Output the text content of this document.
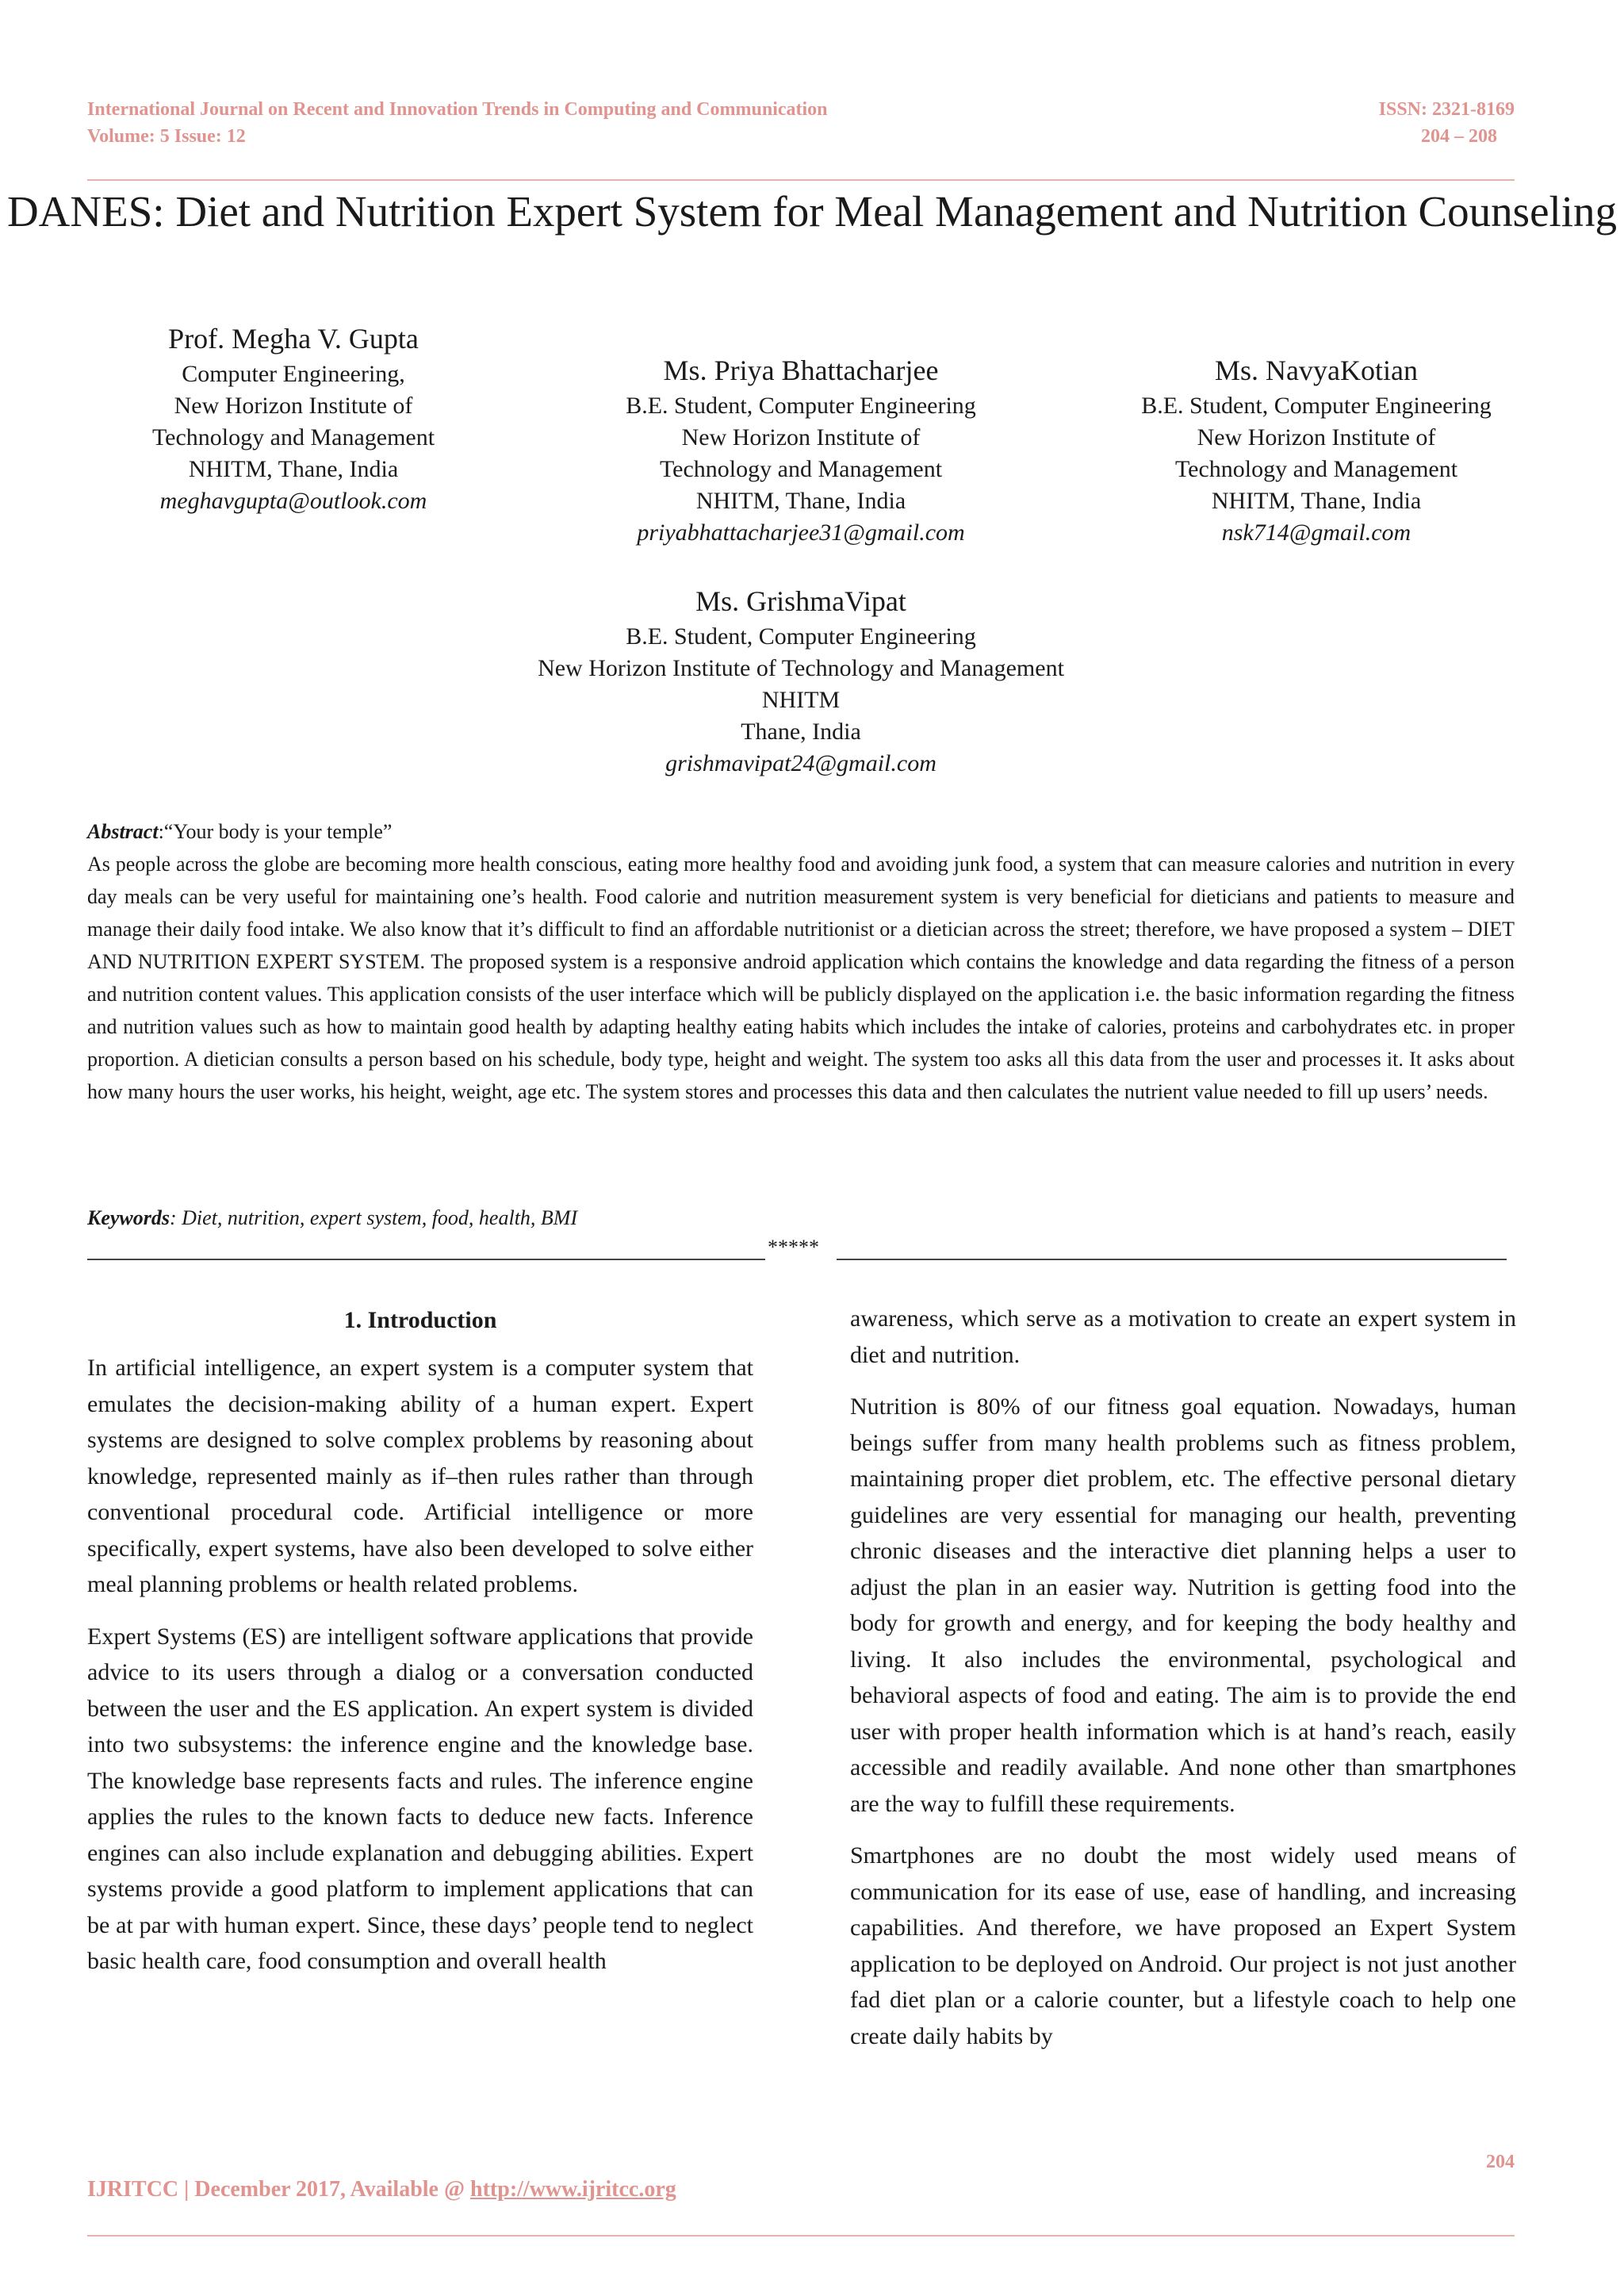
International Journal on Recent and Innovation Trends in Computing and Communication
Volume: 5 Issue: 12
ISSN: 2321-8169
204 – 208
DANES: Diet and Nutrition Expert System for Meal Management and Nutrition Counseling
Prof. Megha V. Gupta
Computer Engineering,
New Horizon Institute of
Technology and Management
NHITM, Thane, India
meghavgupta@outlook.com
Ms. Priya Bhattacharjee
B.E. Student, Computer Engineering
New Horizon Institute of
Technology and Management
NHITM, Thane, India
priyabhattacharjee31@gmail.com
Ms. NavyaKotian
B.E. Student, Computer Engineering
New Horizon Institute of
Technology and Management
NHITM, Thane, India
nsk714@gmail.com
Ms. GrishmaVipat
B.E. Student, Computer Engineering
New Horizon Institute of Technology and Management
NHITM
Thane, India
grishmavipat24@gmail.com

Abstract:“Your body is your temple”

As people across the globe are becoming more health conscious, eating more healthy food and avoiding junk food, a system that can measure calories and nutrition in every day meals can be very useful for maintaining one’s health. Food calorie and nutrition measurement system is very beneficial for dieticians and patients to measure and manage their daily food intake. We also know that it’s difficult to find an affordable nutritionist or a dietician across the street; therefore, we have proposed a system – DIET AND NUTRITION EXPERT SYSTEM. The proposed system is a responsive android application which contains the knowledge and data regarding the fitness of a person and nutrition content values. This application consists of the user interface which will be publicly displayed on the application i.e. the basic information regarding the fitness and nutrition values such as how to maintain good health by adapting healthy eating habits which includes the intake of calories, proteins and carbohydrates etc. in proper proportion. A dietician consults a person based on his schedule, body type, height and weight. The system too asks all this data from the user and processes it. It asks about how many hours the user works, his height, weight, age etc. The system stores and processes this data and then calculates the nutrient value needed to fill up users’ needs.

Keywords: Diet, nutrition, expert system, food, health, BMI
*****
1. Introduction

In artificial intelligence, an expert system is a computer system that emulates the decision-making ability of a human expert. Expert systems are designed to solve complex problems by reasoning about knowledge, represented mainly as if–then rules rather than through conventional procedural code. Artificial intelligence or more specifically, expert systems, have also been developed to solve either meal planning problems or health related problems.

Expert Systems (ES) are intelligent software applications that provide advice to its users through a dialog or a conversation conducted between the user and the ES application. An expert system is divided into two subsystems: the inference engine and the knowledge base. The knowledge base represents facts and rules. The inference engine applies the rules to the known facts to deduce new facts. Inference engines can also include explanation and debugging abilities. Expert systems provide a good platform to implement applications that can be at par with human expert. Since, these days’ people tend to neglect basic health care, food consumption and overall health

awareness, which serve as a motivation to create an expert system in diet and nutrition.

Nutrition is 80% of our fitness goal equation. Nowadays, human beings suffer from many health problems such as fitness problem, maintaining proper diet problem, etc. The effective personal dietary guidelines are very essential for managing our health, preventing chronic diseases and the interactive diet planning helps a user to adjust the plan in an easier way. Nutrition is getting food into the body for growth and energy, and for keeping the body healthy and living. It also includes the environmental, psychological and behavioral aspects of food and eating. The aim is to provide the end user with proper health information which is at hand’s reach, easily accessible and readily available. And none other than smartphones are the way to fulfill these requirements.

Smartphones are no doubt the most widely used means of communication for its ease of use, ease of handling, and increasing capabilities. And therefore, we have proposed an Expert System application to be deployed on Android. Our project is not just another fad diet plan or a calorie counter, but a lifestyle coach to help one create daily habits by

204
IJRITCC | December 2017, Available @ http://www.ijritcc.org
